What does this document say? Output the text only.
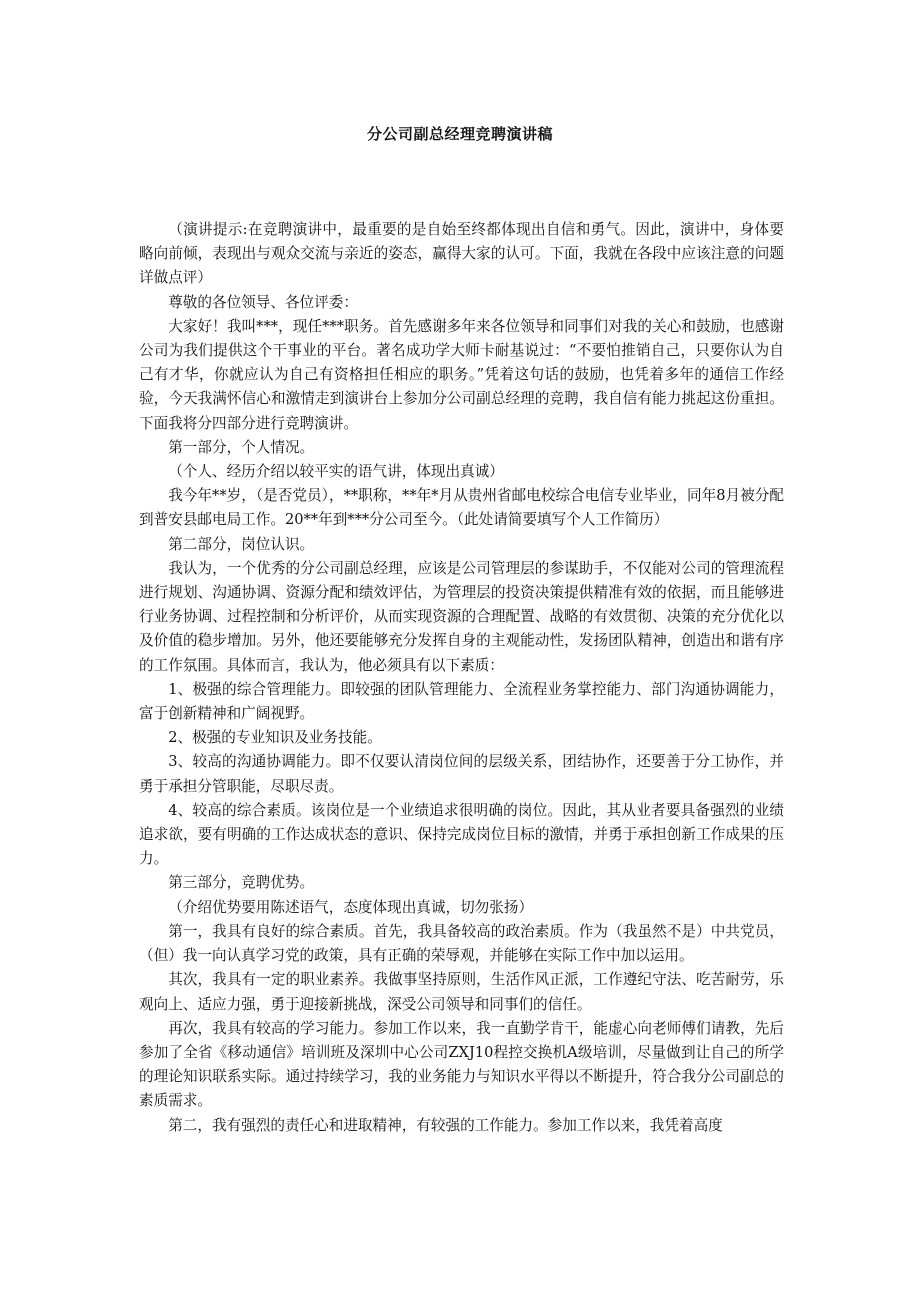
分公司副总经理竞聘演讲稿

（演讲提示:在竞聘演讲中，最重要的是自始至终都体现出自信和勇气。因此，演讲中，身体要略向前倾，表现出与观众交流与亲近的姿态，赢得大家的认可。下面，我就在各段中应该注意的问题详做点评）

尊敬的各位领导、各位评委：

大家好！我叫***，现任***职务。首先感谢多年来各位领导和同事们对我的关心和鼓励，也感谢公司为我们提供这个干事业的平台。著名成功学大师卡耐基说过：“不要怕推销自己，只要你认为自己有才华，你就应认为自己有资格担任相应的职务。”凭着这句话的鼓励，也凭着多年的通信工作经验，今天我满怀信心和激情走到演讲台上参加分公司副总经理的竞聘，我自信有能力挑起这份重担。下面我将分四部分进行竞聘演讲。

第一部分，个人情况。

（个人、经历介绍以较平实的语气讲，体现出真诚）

我今年**岁，（是否党员），**职称，**年*月从贵州省邮电校综合电信专业毕业，同年8月被分配到普安县邮电局工作。20**年到***分公司至今。（此处请简要填写个人工作简历）

第二部分，岗位认识。

我认为，一个优秀的分公司副总经理，应该是公司管理层的参谋助手，不仅能对公司的管理流程进行规划、沟通协调、资源分配和绩效评估，为管理层的投资决策提供精准有效的依据，而且能够进行业务协调、过程控制和分析评价，从而实现资源的合理配置、战略的有效贯彻、决策的充分优化以及价值的稳步增加。另外，他还要能够充分发挥自身的主观能动性，发扬团队精神，创造出和谐有序的工作氛围。具体而言，我认为，他必须具有以下素质：

1、极强的综合管理能力。即较强的团队管理能力、全流程业务掌控能力、部门沟通协调能力，富于创新精神和广阔视野。

2、极强的专业知识及业务技能。

3、较高的沟通协调能力。即不仅要认清岗位间的层级关系，团结协作，还要善于分工协作，并勇于承担分管职能，尽职尽责。

4、较高的综合素质。该岗位是一个业绩追求很明确的岗位。因此，其从业者要具备强烈的业绩追求欲，要有明确的工作达成状态的意识、保持完成岗位目标的激情，并勇于承担创新工作成果的压力。

第三部分，竞聘优势。

（介绍优势要用陈述语气，态度体现出真诚，切勿张扬）

第一，我具有良好的综合素质。首先，我具备较高的政治素质。作为（我虽然不是）中共党员，（但）我一向认真学习党的政策，具有正确的荣辱观，并能够在实际工作中加以运用。

其次，我具有一定的职业素养。我做事坚持原则，生活作风正派，工作遵纪守法、吃苦耐劳，乐观向上、适应力强，勇于迎接新挑战，深受公司领导和同事们的信任。

再次，我具有较高的学习能力。参加工作以来，我一直勤学肯干，能虚心向老师傅们请教，先后参加了全省《移动通信》培训班及深圳中心公司ZXJ10程控交换机A级培训，尽量做到让自己的所学的理论知识联系实际。通过持续学习，我的业务能力与知识水平得以不断提升，符合我分公司副总的素质需求。

第二，我有强烈的责任心和进取精神，有较强的工作能力。参加工作以来，我凭着高度
